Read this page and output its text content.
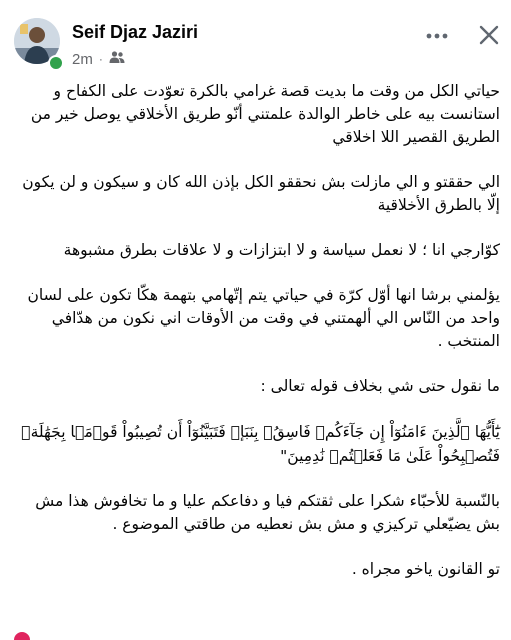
Seif Djaz Jaziri
2m ·

حياتي الكل من وقت ما بديت قصة غرامي بالكرة تعوّدت على الكفاح و استانست بيه على خاطر الوالدة علمتني أنّو طريق الأخلاقي يوصل خير من الطريق القصير اللا اخلاقي

الي حققتو و الي مازلت بش نحققو الكل بإذن الله كان و سيكون و لن يكون إلّا بالطرق الأخلاقية

كوّارجي انا ؛ لا نعمل سياسة و لا ابتزازات و لا علاقات بطرق مشبوهة

يؤلمني برشا انها أوّل كرّة في حياتي يتم إتّهامي بتهمة هكّا تكون على لسان واحد من النّاس الي ألهمتني في وقت من الأوقات اني نكون من هدّافي المنتخب .

ما نقول حتى شي بخلاف قوله تعالى :

يَٰٓأَيُّهَا ٱلَّذِينَ ءَامَنُوٓاْ إِن جَآءَكُمۡ فَاسِقُۢ بِنَبَإٖ فَتَبَيَّنُوٓاْ أَن تُصِيبُواْ قَوۡمَۢا بِجَهَٰلَةٖ فَتُصۡبِحُواْ عَلَىٰ مَا فَعَلۡتُمۡ نَٰدِمِينَ"

بالنّسبة للأحبّاء شكرا على ثقتكم فيا و دفاعكم عليا و ما تخافوش هذا مش بش يضيّعلي تركيزي و مش بش نعطيه من طاقتي الموضوع .

تو القانون ياخو مجراه .
